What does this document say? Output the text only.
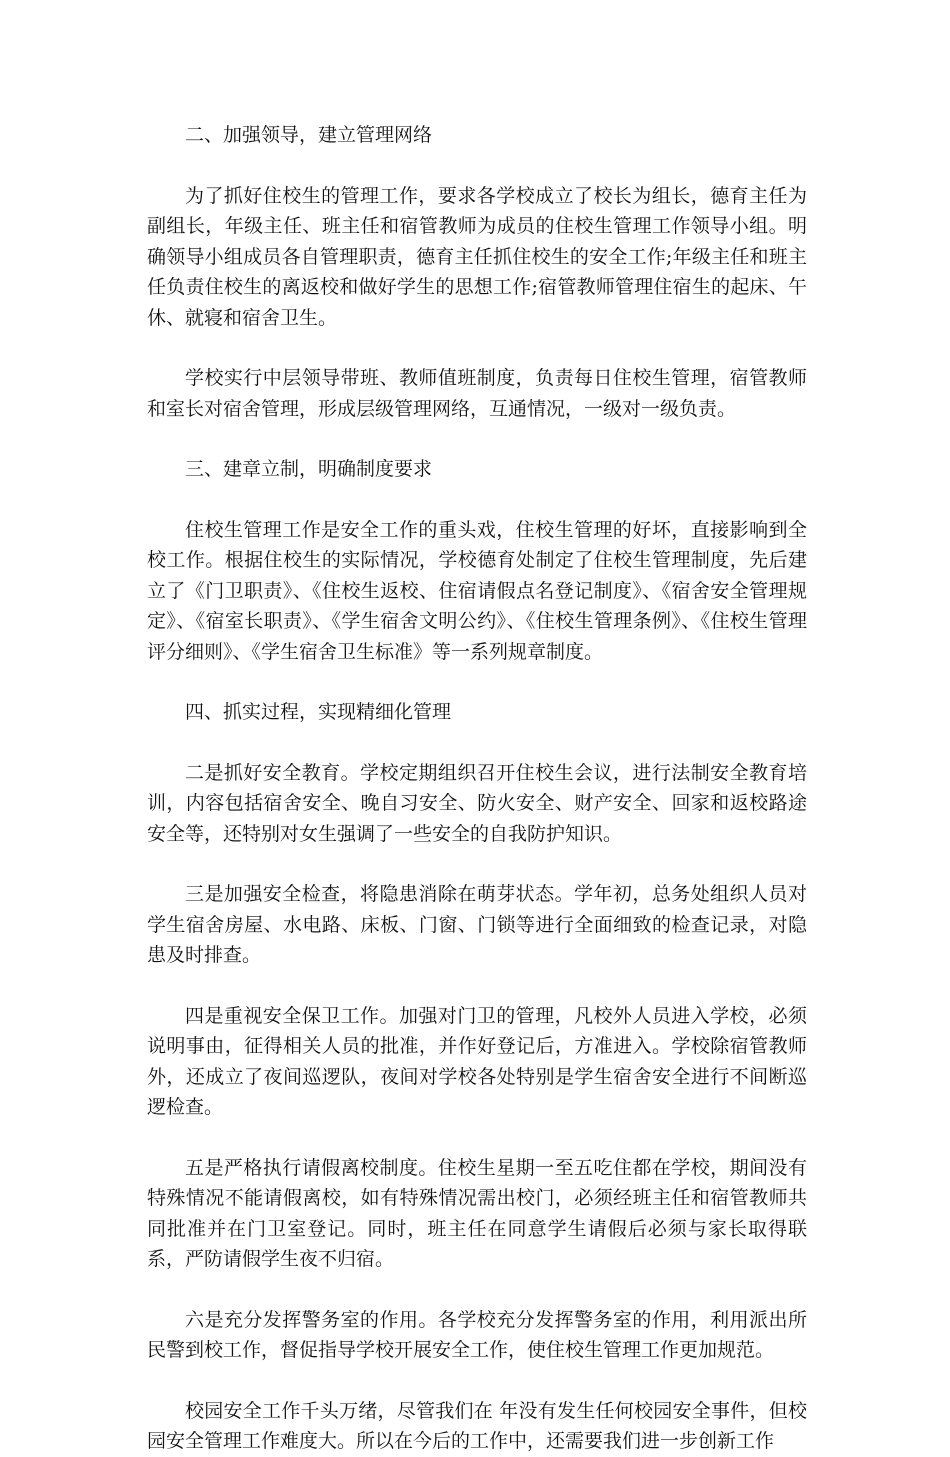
二、加强领导，建立管理网络

为了抓好住校生的管理工作，要求各学校成立了校长为组长，德育主任为副组长，年级主任、班主任和宿管教师为成员的住校生管理工作领导小组。明确领导小组成员各自管理职责，德育主任抓住校生的安全工作;年级主任和班主任负责住校生的离返校和做好学生的思想工作;宿管教师管理住宿生的起床、午休、就寝和宿舍卫生。

学校实行中层领导带班、教师值班制度，负责每日住校生管理，宿管教师和室长对宿舍管理，形成层级管理网络，互通情况，一级对一级负责。

三、建章立制，明确制度要求

住校生管理工作是安全工作的重头戏，住校生管理的好坏，直接影响到全校工作。根据住校生的实际情况，学校德育处制定了住校生管理制度，先后建立了《门卫职责》、《住校生返校、住宿请假点名登记制度》、《宿舍安全管理规定》、《宿室长职责》、《学生宿舍文明公约》、《住校生管理条例》、《住校生管理评分细则》、《学生宿舍卫生标准》等一系列规章制度。

四、抓实过程，实现精细化管理

二是抓好安全教育。学校定期组织召开住校生会议，进行法制安全教育培训，内容包括宿舍安全、晚自习安全、防火安全、财产安全、回家和返校路途安全等，还特别对女生强调了一些安全的自我防护知识。

三是加强安全检查，将隐患消除在萌芽状态。学年初，总务处组织人员对学生宿舍房屋、水电路、床板、门窗、门锁等进行全面细致的检查记录，对隐患及时排查。

四是重视安全保卫工作。加强对门卫的管理，凡校外人员进入学校，必须说明事由，征得相关人员的批准，并作好登记后，方准进入。学校除宿管教师外，还成立了夜间巡逻队，夜间对学校各处特别是学生宿舍安全进行不间断巡逻检查。

五是严格执行请假离校制度。住校生星期一至五吃住都在学校，期间没有特殊情况不能请假离校，如有特殊情况需出校门，必须经班主任和宿管教师共同批准并在门卫室登记。同时，班主任在同意学生请假后必须与家长取得联系，严防请假学生夜不归宿。

六是充分发挥警务室的作用。各学校充分发挥警务室的作用，利用派出所民警到校工作，督促指导学校开展安全工作，使住校生管理工作更加规范。

校园安全工作千头万绪，尽管我们在 年没有发生任何校园安全事件，但校园安全管理工作难度大。所以在今后的工作中，还需要我们进一步创新工作
